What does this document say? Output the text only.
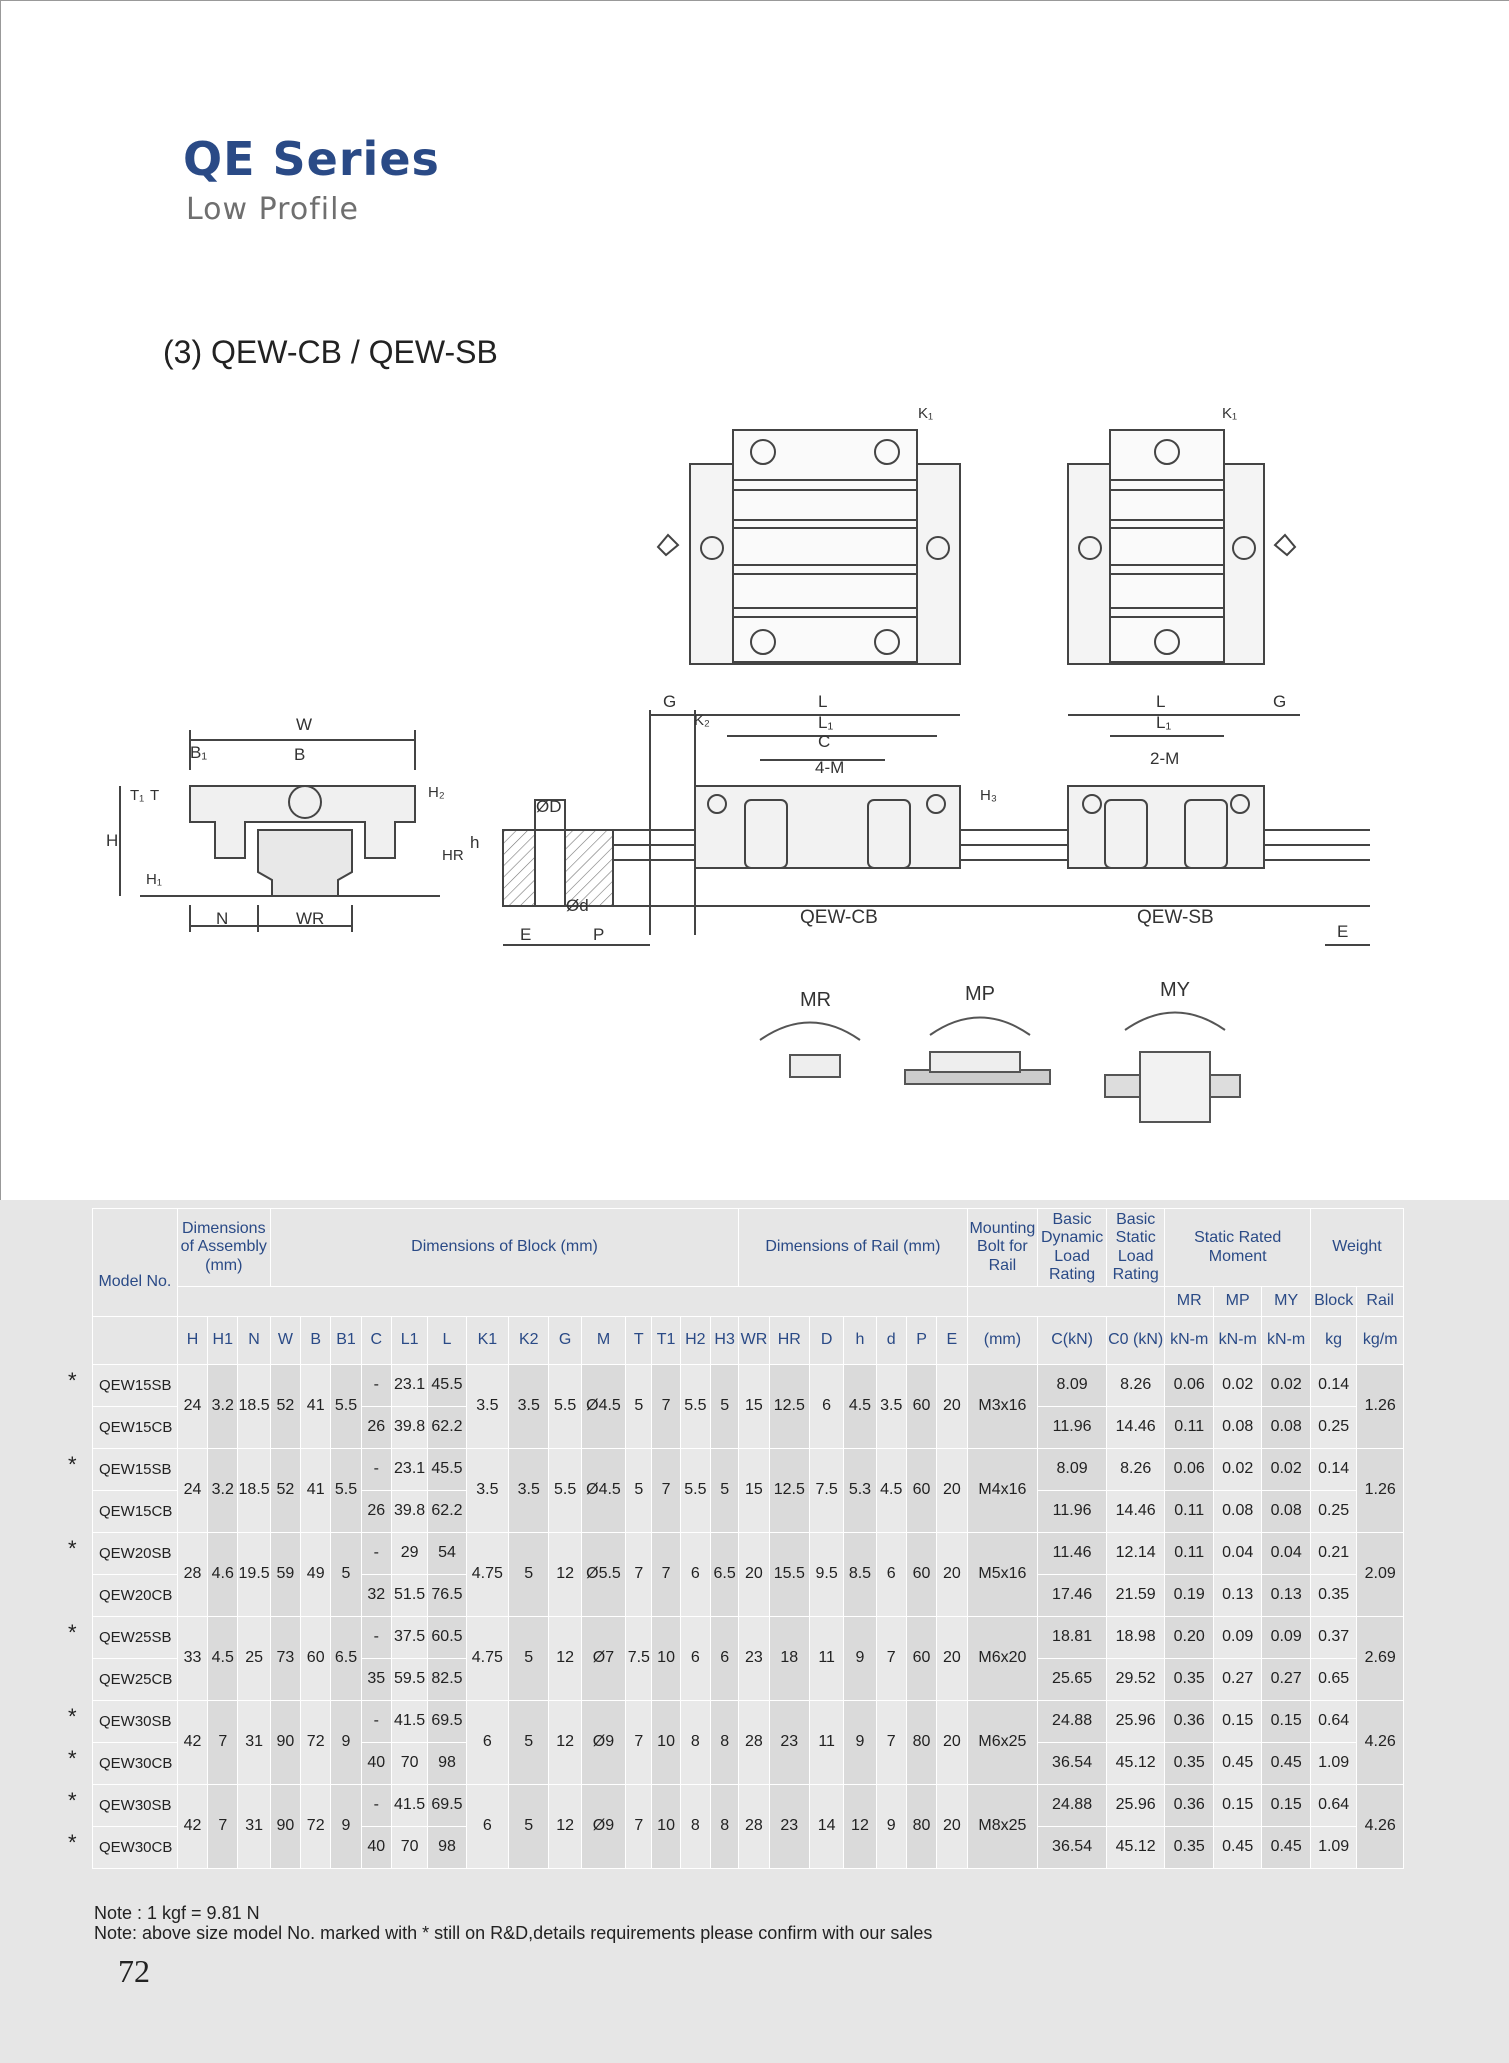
QE Series
Low Profile
(3) QEW-CB / QEW-SB
K₁	K₁
W
B₁	B
T₁ T	H₂
H
H₁
N	WR
ØD
h
HR
Ød
E	P
G	L
K₂	L₁
C
4-M
H₃
L	G
L₁
2-M
QEW-CB	QEW-SB
E
MR	MP	MY
Model No.	Dimensions of Assembly (mm)			Dimensions of Block (mm)														Dimensions of Rail (mm)							Mounting Bolt for Rail	Basic Dynamic Load Rating	Basic Static Load Rating	Static Rated Moment			Weight	
																												MR	MP	MY	Block	Rail
	H	H1	N	W	B	B1	C	L1	L	K1	K2	G	M	T	T1	H2	H3	WR	HR	D	h	d	P	E	(mm)	C(kN)	C0 (kN)	kN-m	kN-m	kN-m	kg	kg/m
QEW15SB	24	3.2	18.5	52	41	5.5	-	23.1	45.5	3.5	3.5	5.5	Ø4.5	5	7	5.5	5	15	12.5	6	4.5	3.5	60	20	M3x16	8.09	8.26	0.06	0.02	0.02	0.14	1.26
QEW15CB							26	39.8	62.2																	11.96	14.46	0.11	0.08	0.08	0.25	
QEW15SB	24	3.2	18.5	52	41	5.5	-	23.1	45.5	3.5	3.5	5.5	Ø4.5	5	7	5.5	5	15	12.5	7.5	5.3	4.5	60	20	M4x16	8.09	8.26	0.06	0.02	0.02	0.14	1.26
QEW15CB							26	39.8	62.2																	11.96	14.46	0.11	0.08	0.08	0.25	
QEW20SB	28	4.6	19.5	59	49	5	-	29	54	4.75	5	12	Ø5.5	7	7	6	6.5	20	15.5	9.5	8.5	6	60	20	M5x16	11.46	12.14	0.11	0.04	0.04	0.21	2.09
QEW20CB							32	51.5	76.5																	17.46	21.59	0.19	0.13	0.13	0.35	
QEW25SB	33	4.5	25	73	60	6.5	-	37.5	60.5	4.75	5	12	Ø7	7.5	10	6	6	23	18	11	9	7	60	20	M6x20	18.81	18.98	0.20	0.09	0.09	0.37	2.69
QEW25CB							35	59.5	82.5																	25.65	29.52	0.35	0.27	0.27	0.65	
QEW30SB	42	7	31	90	72	9	-	41.5	69.5	6	5	12	Ø9	7	10	8	8	28	23	11	9	7	80	20	M6x25	24.88	25.96	0.36	0.15	0.15	0.64	4.26
QEW30CB							40	70	98																	36.54	45.12	0.35	0.45	0.45	1.09	
QEW30SB	42	7	31	90	72	9	-	41.5	69.5	6	5	12	Ø9	7	10	8	8	28	23	14	12	9	80	20	M8x25	24.88	25.96	0.36	0.15	0.15	0.64	4.26
QEW30CB							40	70	98																	36.54	45.12	0.35	0.45	0.45	1.09	
Note : 1 kgf = 9.81 N
Note: above size model No. marked with * still on R&D,details requirements please confirm with our sales
*
*
*
*
*
*
*
*
72
